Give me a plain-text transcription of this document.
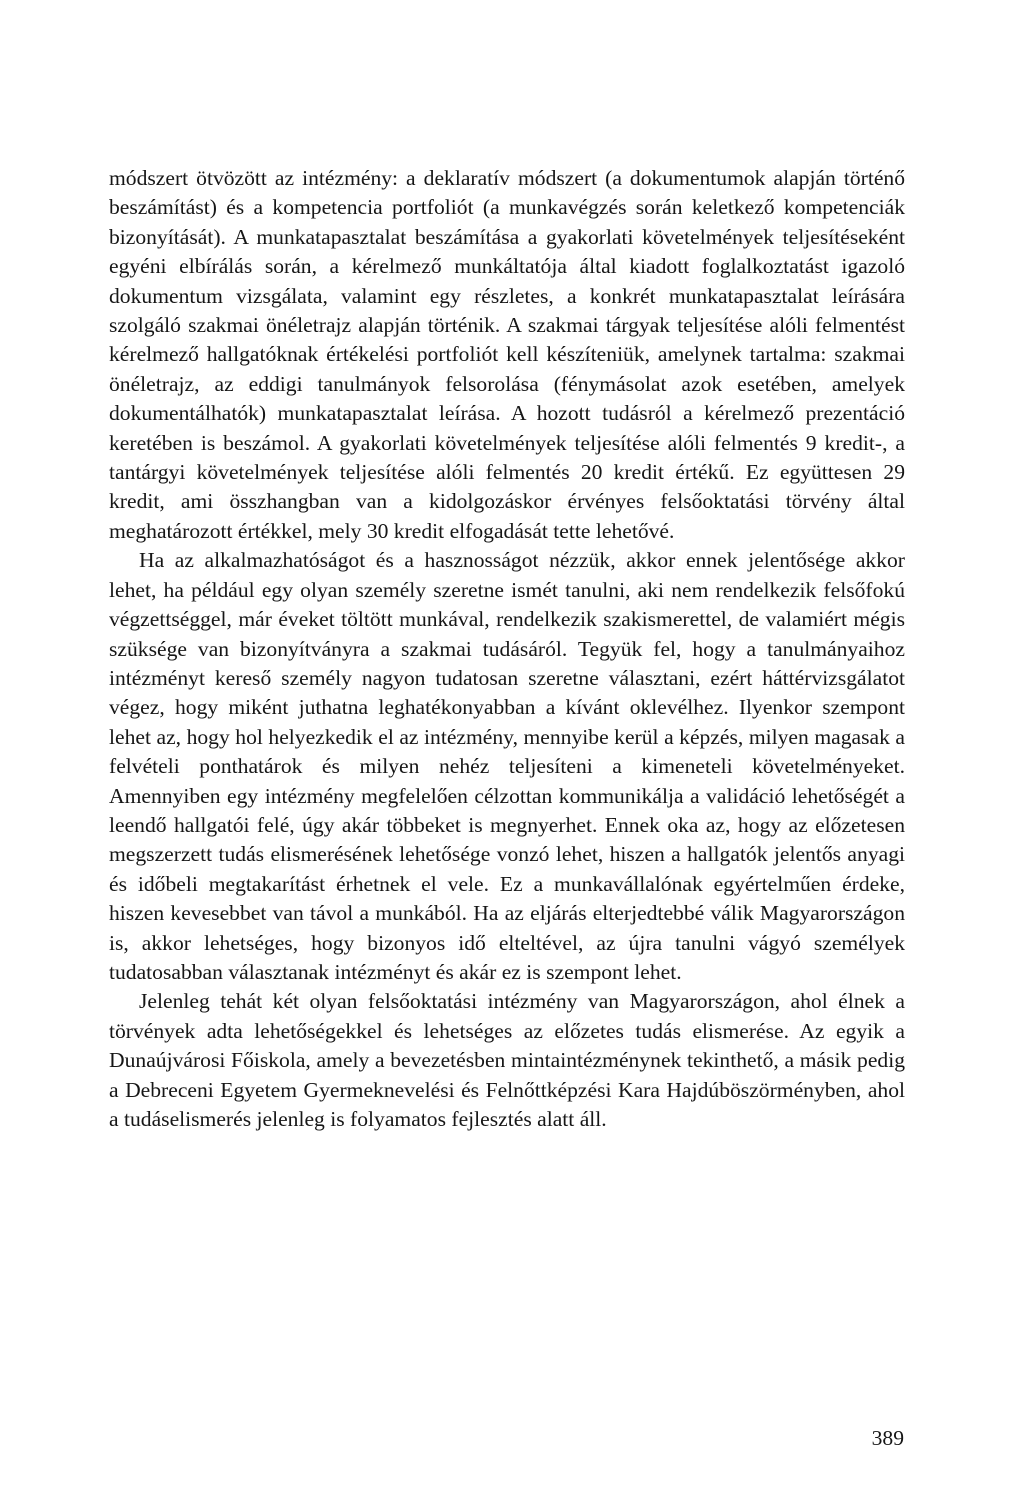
módszert ötvözött az intézmény: a deklaratív módszert (a dokumentumok alapján történő beszámítást) és a kompetencia portfoliót (a munkavégzés során keletkező kompetenciák bizonyítását). A munkatapasztalat beszámítása a gyakorlati követelmények teljesítéseként egyéni elbírálás során, a kérelmező munkáltatója által kiadott foglalkoztatást igazoló dokumentum vizsgálata, valamint egy részletes, a konkrét munkatapasztalat leírására szolgáló szakmai önéletrajz alapján történik. A szakmai tárgyak teljesítése alóli felmentést kérelmező hallgatóknak értékelési portfoliót kell készíteniük, amelynek tartalma: szakmai önéletrajz, az eddigi tanulmányok felsorolása (fénymásolat azok esetében, amelyek dokumentálhatók) munkatapasztalat leírása. A hozott tudásról a kérelmező prezentáció keretében is beszámol. A gyakorlati követelmények teljesítése alóli felmentés 9 kredit-, a tantárgyi követelmények teljesítése alóli felmentés 20 kredit értékű. Ez együttesen 29 kredit, ami összhangban van a kidolgozáskor érvényes felsőoktatási törvény által meghatározott értékkel, mely 30 kredit elfogadását tette lehetővé.

Ha az alkalmazhatóságot és a hasznosságot nézzük, akkor ennek jelentősége akkor lehet, ha például egy olyan személy szeretne ismét tanulni, aki nem rendelkezik felsőfokú végzettséggel, már éveket töltött munkával, rendelkezik szakismerettel, de valamiért mégis szüksége van bizonyítványra a szakmai tudásáról. Tegyük fel, hogy a tanulmányaihoz intézményt kereső személy nagyon tudatosan szeretne választani, ezért háttérvizsgálatot végez, hogy miként juthatna leghatékonyabban a kívánt oklevélhez. Ilyenkor szempont lehet az, hogy hol helyezkedik el az intézmény, mennyibe kerül a képzés, milyen magasak a felvételi ponthatárok és milyen nehéz teljesíteni a kimeneteli követelményeket. Amennyiben egy intézmény megfelelően célzottan kommunikálja a validáció lehetőségét a leendő hallgatói felé, úgy akár többeket is megnyerhet. Ennek oka az, hogy az előzetesen megszerzett tudás elismerésének lehetősége vonzó lehet, hiszen a hallgatók jelentős anyagi és időbeli megtakarítást érhetnek el vele. Ez a munkavállalónak egyértelműen érdeke, hiszen kevesebbet van távol a munkából. Ha az eljárás elterjedtebbé válik Magyarországon is, akkor lehetséges, hogy bizonyos idő elteltével, az újra tanulni vágyó személyek tudatosabban választanak intézményt és akár ez is szempont lehet.

Jelenleg tehát két olyan felsőoktatási intézmény van Magyarországon, ahol élnek a törvények adta lehetőségekkel és lehetséges az előzetes tudás elismerése. Az egyik a Dunaújvárosi Főiskola, amely a bevezetésben mintaintézménynek tekinthető, a másik pedig a Debreceni Egyetem Gyermeknevelési és Felnőttképzési Kara Hajdúböszörményben, ahol a tudáselismerés jelenleg is folyamatos fejlesztés alatt áll.

389
